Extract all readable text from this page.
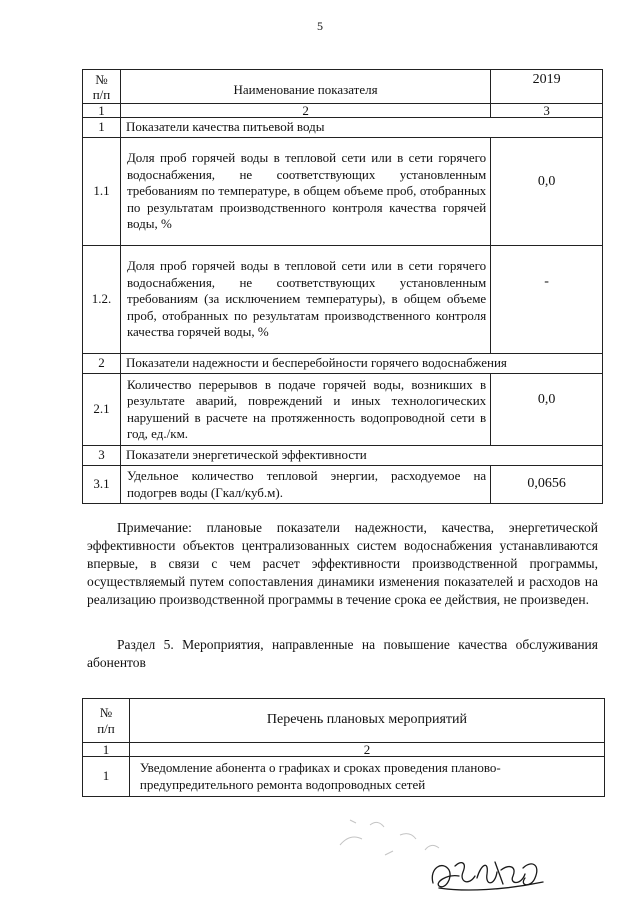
5
№
п/п	Наименование показателя	2019
1	2	3
1	Показатели качества питьевой воды	
1.1	Доля проб горячей воды в тепловой сети или в сети горячего водоснабжения, не соответствующих установленным требованиям по температуре, в общем объеме проб, отобранных по результатам производственного контроля качества горячей воды, %	0,0
1.2.	Доля проб горячей воды в тепловой сети или в сети горячего водоснабжения, не соответствующих установленным требованиям (за исключением температуры), в общем объеме проб, отобранных по результатам производственного контроля качества горячей воды, %	-
2	Показатели надежности и бесперебойности горячего водоснабжения	
2.1	Количество перерывов в подаче горячей воды, возникших в результате аварий, повреждений и иных технологических нарушений в расчете на протяженность водопроводной сети в год, ед./км.	0,0
3	Показатели энергетической эффективности	
3.1	Удельное количество тепловой энергии, расходуемое на подогрев воды (Гкал/куб.м).	0,0656
Примечание: плановые показатели надежности, качества, энергетической эффективности объектов централизованных систем водоснабжения устанавливаются впервые, в связи с чем расчет эффективности производственной программы, осуществляемый путем сопоставления динамики изменения показателей и расходов на реализацию производственной программы в течение срока ее действия, не произведен.
Раздел 5. Мероприятия, направленные на повышение качества обслуживания абонентов
№
п/п	Перечень плановых мероприятий
1	2
1	Уведомление абонента о графиках и сроках проведения планово-предупредительного ремонта водопроводных сетей
